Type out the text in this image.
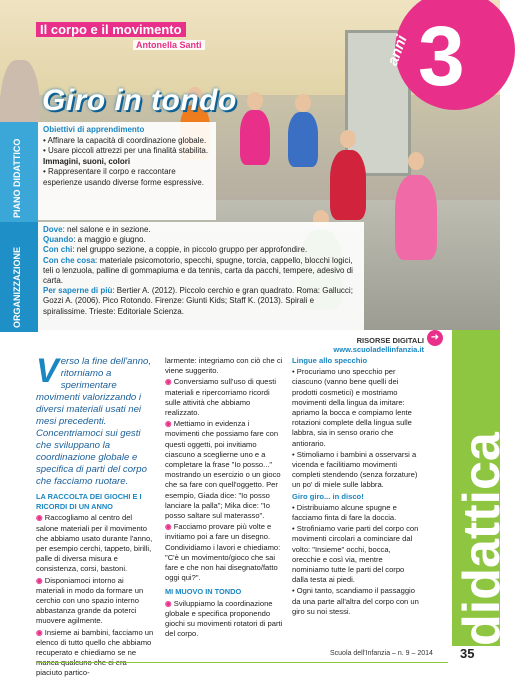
3
anni
Il corpo e il movimento
Antonella Santi
Giro in tondo
PIANO DIDATTICO
ORGANIZZAZIONE
Obiettivi di apprendimento
• Affinare la capacità di coordinazione globale.
• Usare piccoli attrezzi per una finalità stabilita.
Immagini, suoni, colori
• Rappresentare il corpo e raccontare esperienze usando diverse forme espressive.
Dove: nel salone e in sezione.
Quando: a maggio e giugno.
Con chi: nel gruppo sezione, a coppie, in piccolo gruppo per approfondire.
Con che cosa: materiale psicomotorio, specchi, spugne, torcia, cappello, blocchi logici, teli o lenzuola, palline di gommapiuma e da tennis, carta da pacchi, tempere, adesivo di carta.
Per saperne di più: Bertier A. (2012). Piccolo cerchio e gran quadrato. Roma: Gallucci; Gozzi A. (2006). Pico Rotondo. Firenze: Giunti Kids; Staff K. (2013). Spirali e spiralissime. Trieste: Editoriale Scienza.
RISORSE DIGITALI
www.scuoladellinfanzia.it
➜

Verso la fine dell'anno, ritorniamo a sperimentare movimenti valorizzando i diversi materiali usati nei mesi precedenti. Concentriamoci sui gesti che sviluppano la coordinazione globale e specifica di parti del corpo che facciamo ruotare.

LA RACCOLTA DEI GIOCHI E I RICORDI DI UN ANNO

◉ Raccogliamo al centro del salone materiali per il movimento che abbiamo usato durante l'anno, per esempio cerchi, tappeto, birilli, palle di diversa misura e consistenza, corsi, bastoni.

◉ Disponiamoci intorno ai materiali in modo da formare un cerchio con uno spazio interno abbastanza grande da poterci muovere agilmente.

◉ Insieme ai bambini, facciamo un elenco di tutto quello che abbiamo recuperato e chiediamo se ne piaciuto partico-

larmente: integriamo con ciò che ci viene suggerito.

◉ Conversiamo sull'uso di questi materiali e ripercorriamo ricordi sulle attività che abbiamo realizzato.

◉ Mettiamo in evidenza i movimenti che possiamo fare con questi oggetti, poi invitiamo ciascuno a sceglierne uno e a completare la frase "Io posso..." mostrando un esercizio o un gioco che sa fare con quell'oggetto. Per esempio, Giada dice: "Io posso lanciare la palla"; Mika dice: "Io posso saltare sul materasso".

◉ Facciamo provare più volte e invitiamo poi a fare un disegno. Condividiamo i lavori e chiediamo: "C'è un movimento/gioco che sai fare e che non hai disegnato/fatto oggi qui?".

MI MUOVO IN TONDO

◉ Sviluppiamo la coordinazione globale e specifica proponendo giochi su movimenti rotatori di parti del corpo.

Lingue allo specchio

• Procuriamo uno specchio per ciascuno (vanno bene quelli dei prodotti cosmetici) e mostriamo movimenti della lingua da imitare: apriamo la bocca e compiamo lente rotazioni complete della lingua sulle labbra, sia in senso orario che antiorario.

• Stimoliamo i bambini a osservarsi a vicenda e facilitiamo movimenti completi stendendo (senza forzature) un po' di miele sulle labbra.

Giro giro... in disco!

• Distribuiamo alcune spugne e facciamo finta di fare la doccia.

• Strofiniamo varie parti del corpo con movimenti circolari a cominciare dal volto: "Insieme" occhi, bocca, orecchie e così via, mentre nominiamo tutte le parti del corpo dalla testa ai piedi.

• Ogni tanto, scandiamo il passaggio da una parte all'altra del corpo con un giro su noi stessi.	didattica
Scuola dell'Infanzia – n. 9 – 2014 35
